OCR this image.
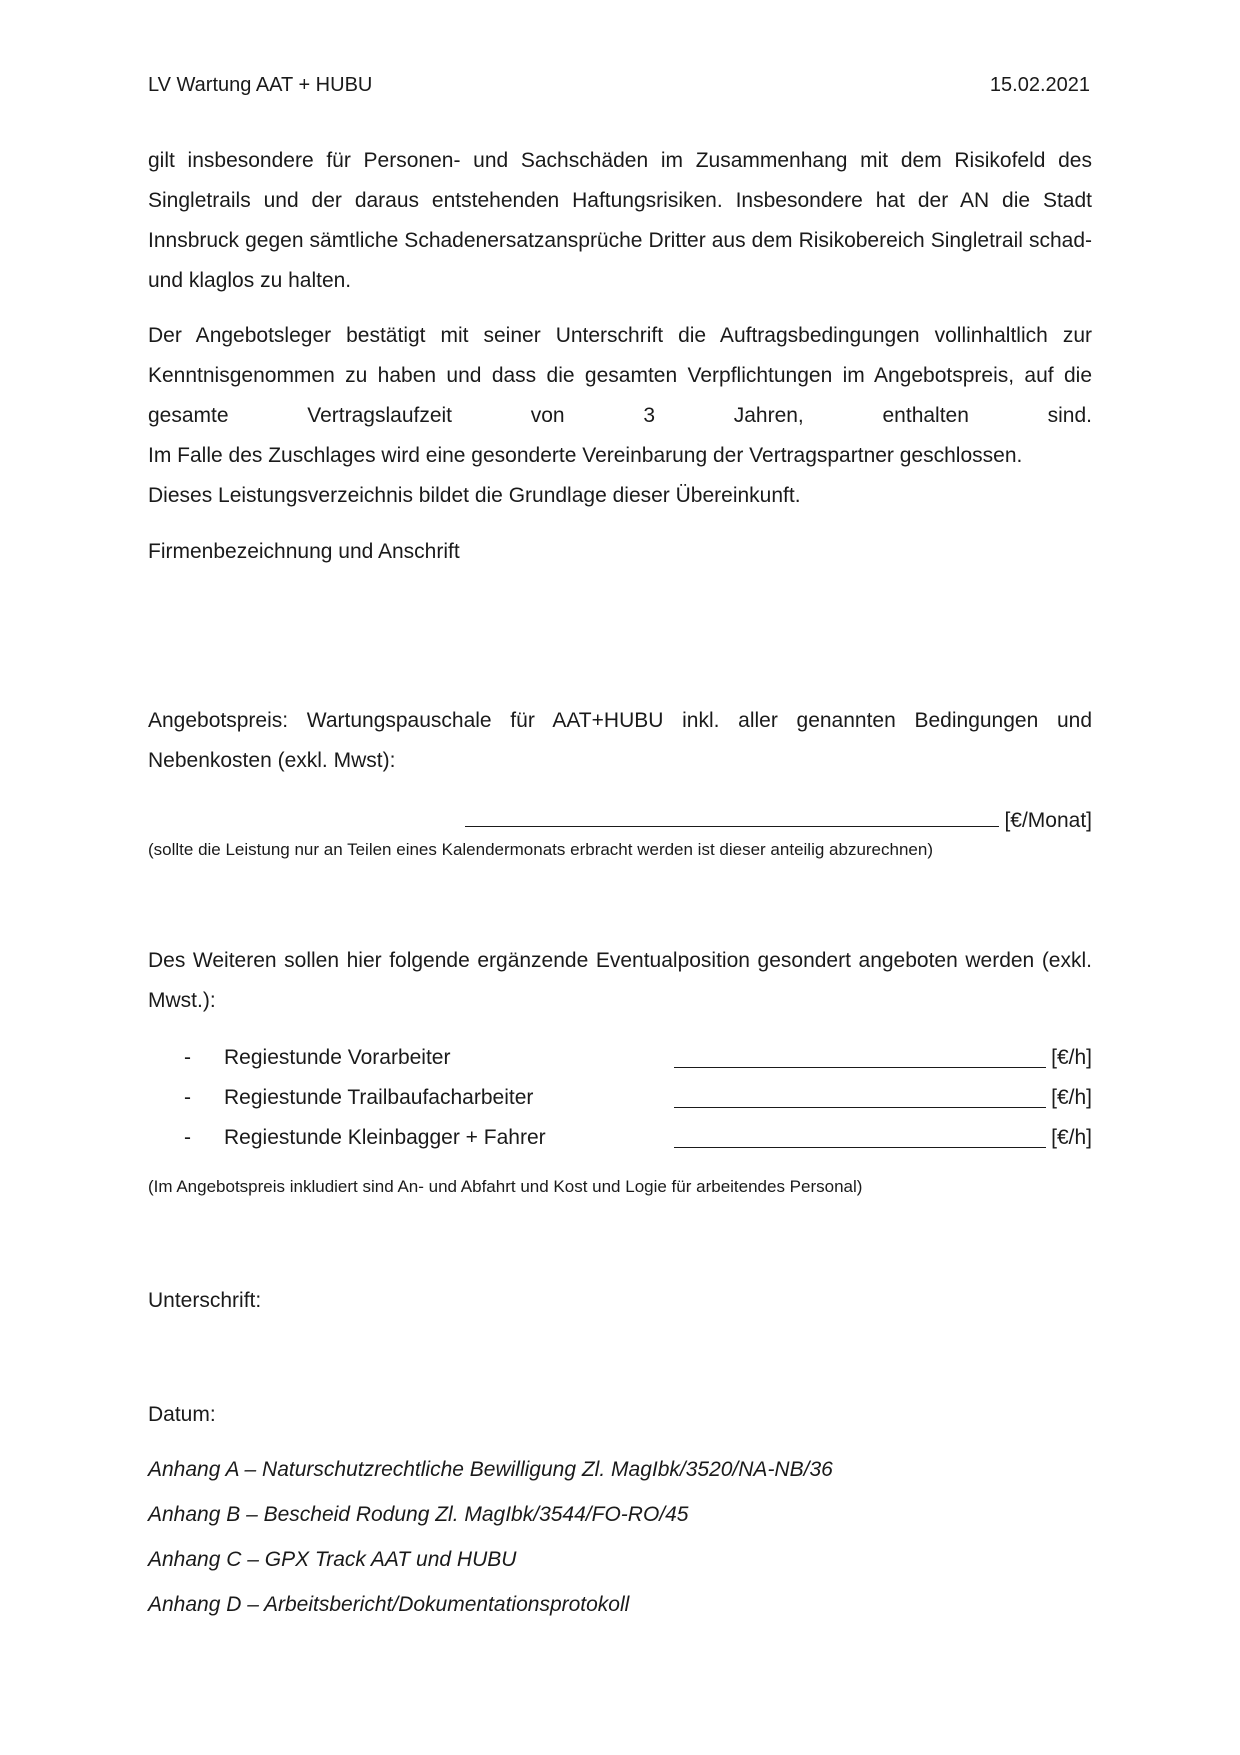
LV Wartung AAT + HUBU	15.02.2021

gilt insbesondere für Personen- und Sachschäden im Zusammenhang mit dem Risikofeld des Singletrails und der daraus entstehenden Haftungsrisiken. Insbesondere hat der AN die Stadt Innsbruck gegen sämtliche Schadenersatzansprüche Dritter aus dem Risikobereich Singletrail schad- und klaglos zu halten.

Der Angebotsleger bestätigt mit seiner Unterschrift die Auftragsbedingungen vollinhaltlich zur Kenntnisgenommen zu haben und dass die gesamten Verpflichtungen im Angebotspreis, auf die gesamte Vertragslaufzeit von 3 Jahren, enthalten sind.

Im Falle des Zuschlages wird eine gesonderte Vereinbarung der Vertragspartner geschlossen. Dieses Leistungsverzeichnis bildet die Grundlage dieser Übereinkunft.

Firmenbezeichnung und Anschrift
Angebotspreis: Wartungspauschale für AAT+HUBU inkl. aller genannten Bedingungen und Nebenkosten (exkl. Mwst):
[€/Monat]
(sollte die Leistung nur an Teilen eines Kalendermonats erbracht werden ist dieser anteilig abzurechnen)
Des Weiteren sollen hier folgende ergänzende Eventualposition gesondert angeboten werden (exkl. Mwst.):
- Regiestunde Vorarbeiter	[€/h]
- Regiestunde Trailbaufacharbeiter	[€/h]
- Regiestunde Kleinbagger + Fahrer	[€/h]
(Im Angebotspreis inkludiert sind An- und Abfahrt und Kost und Logie für arbeitendes Personal)
Unterschrift:
Datum:
Anhang A – Naturschutzrechtliche Bewilligung Zl. MagIbk/3520/NA-NB/36
Anhang B – Bescheid Rodung Zl. MagIbk/3544/FO-RO/45
Anhang C – GPX Track AAT und HUBU
Anhang D – Arbeitsbericht/Dokumentationsprotokoll
